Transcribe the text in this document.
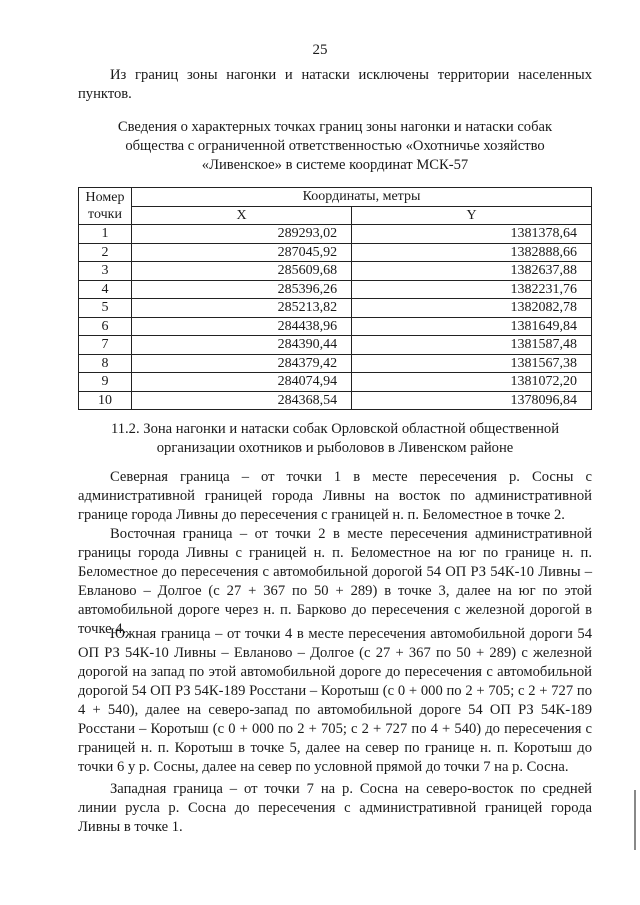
25
Из границ зоны нагонки и натаски исключены территории населенных пунктов.
Сведения о характерных точках границ зоны нагонки и натаски собак общества с ограниченной ответственностью «Охотничье хозяйство «Ливенское» в системе координат МСК-57
Номер
точки	Координаты, метры	
	X	Y
1	289293,02	1381378,64
2	287045,92	1382888,66
3	285609,68	1382637,88
4	285396,26	1382231,76
5	285213,82	1382082,78
6	284438,96	1381649,84
7	284390,44	1381587,48
8	284379,42	1381567,38
9	284074,94	1381072,20
10	284368,54	1378096,84
11.2. Зона нагонки и натаски собак Орловской областной общественной организации охотников и рыболовов в Ливенском районе
Северная граница – от точки 1 в месте пересечения р. Сосны с административной границей города Ливны на восток по административной границе города Ливны до пересечения с границей н. п. Беломестное в точке 2.
Восточная граница – от точки 2 в месте пересечения административной границы города Ливны с границей н. п. Беломестное на юг по границе н. п. Беломестное до пересечения с автомобильной дорогой 54 ОП РЗ 54К-10 Ливны – Евланово – Долгое (с 27 + 367 по 50 + 289) в точке 3, далее на юг по этой автомобильной дороге через н. п. Барково до пересечения с железной дорогой в точке 4.
Южная граница – от точки 4 в месте пересечения автомобильной дороги 54 ОП РЗ 54К-10 Ливны – Евланово – Долгое (с 27 + 367 по 50 + 289) с железной дорогой на запад по этой автомобильной дороге до пересечения с автомобильной дорогой 54 ОП РЗ 54К-189 Росстани – Коротыш (с 0 + 000 по 2 + 705; с 2 + 727 по 4 + 540), далее на северо-запад по автомобильной дороге 54 ОП РЗ 54К-189 Росстани – Коротыш (с 0 + 000 по 2 + 705; с 2 + 727 по 4 + 540) до пересечения с границей н. п. Коротыш в точке 5, далее на север по границе н. п. Коротыш до точки 6 у р. Сосны, далее на север по условной прямой до точки 7 на р. Сосна.
Западная граница – от точки 7 на р. Сосна на северо-восток по средней линии русла р. Сосна до пересечения с административной границей города Ливны в точке 1.
